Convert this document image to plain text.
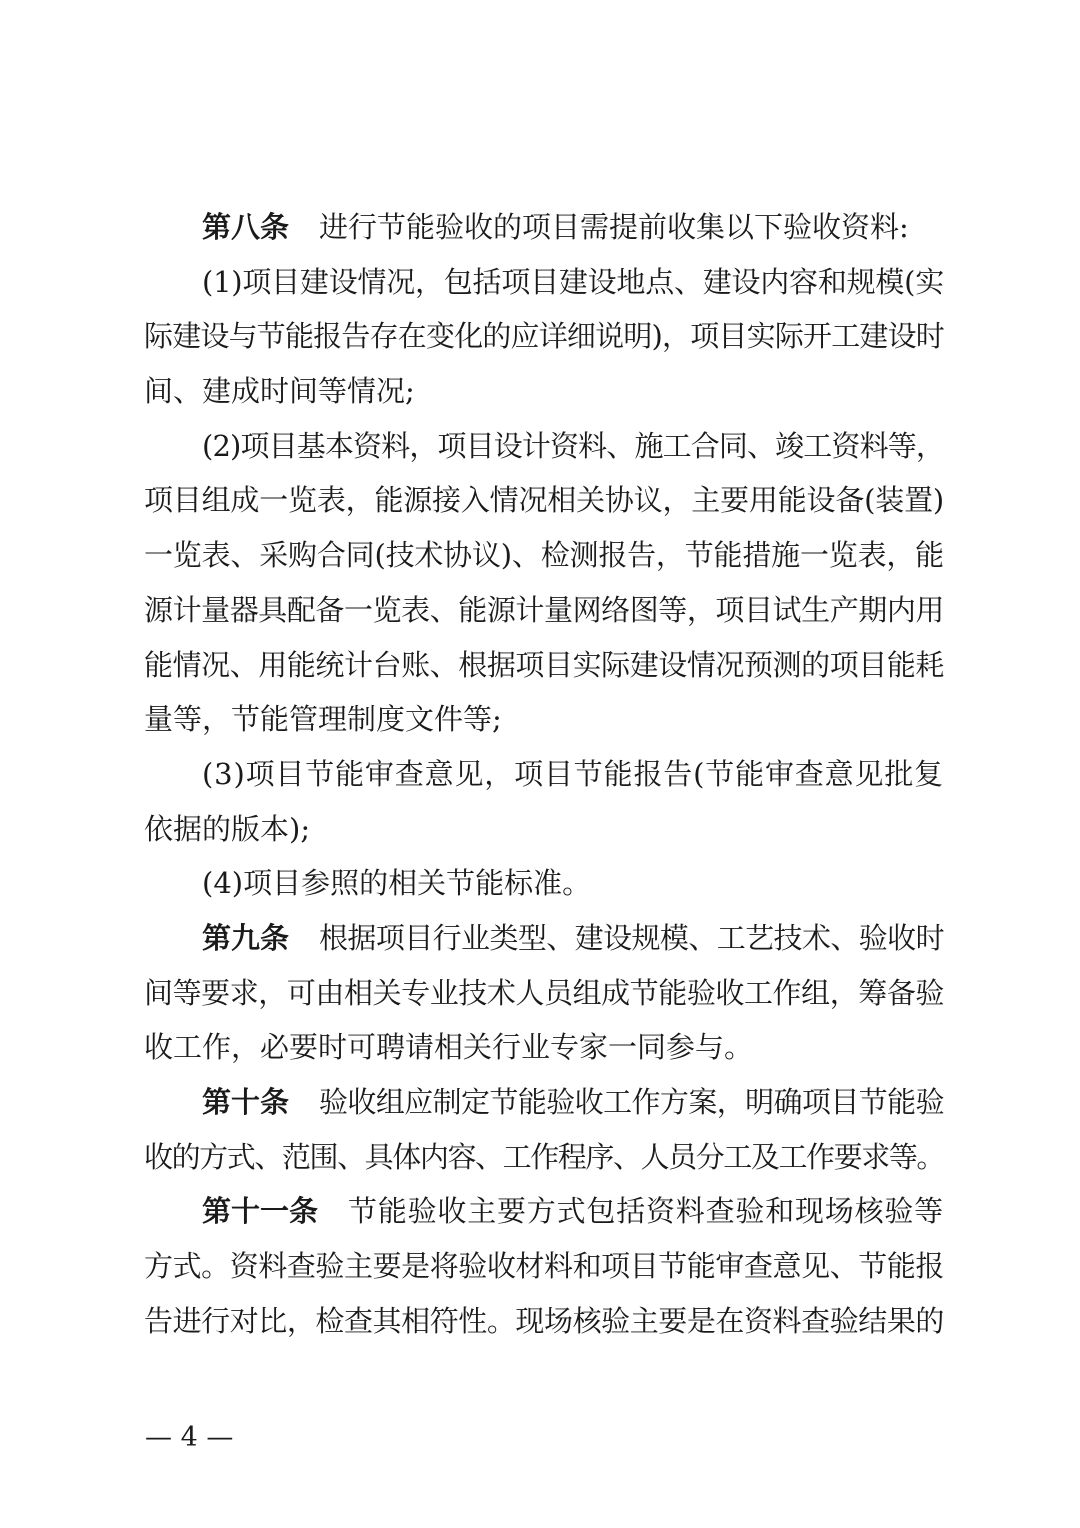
第八条 进行节能验收的项目需提前收集以下验收资料:
(1)项目建设情况，包括项目建设地点、建设内容和规模(实
际建设与节能报告存在变化的应详细说明)，项目实际开工建设时
间、建成时间等情况;
(2)项目基本资料，项目设计资料、施工合同、竣工资料等，
项目组成一览表，能源接入情况相关协议，主要用能设备(装置)
一览表、采购合同(技术协议)、检测报告，节能措施一览表，能
源计量器具配备一览表、能源计量网络图等，项目试生产期内用
能情况、用能统计台账、根据项目实际建设情况预测的项目能耗
量等，节能管理制度文件等;
(3)项目节能审查意见，项目节能报告(节能审查意见批复
依据的版本);
(4)项目参照的相关节能标准。
第九条 根据项目行业类型、建设规模、工艺技术、验收时
间等要求，可由相关专业技术人员组成节能验收工作组，筹备验
收工作，必要时可聘请相关行业专家一同参与。
第十条 验收组应制定节能验收工作方案，明确项目节能验
收的方式、范围、具体内容、工作程序、人员分工及工作要求等。
第十一条 节能验收主要方式包括资料查验和现场核验等
方式。资料查验主要是将验收材料和项目节能审查意见、节能报
告进行对比，检查其相符性。现场核验主要是在资料查验结果的
— 4 —
